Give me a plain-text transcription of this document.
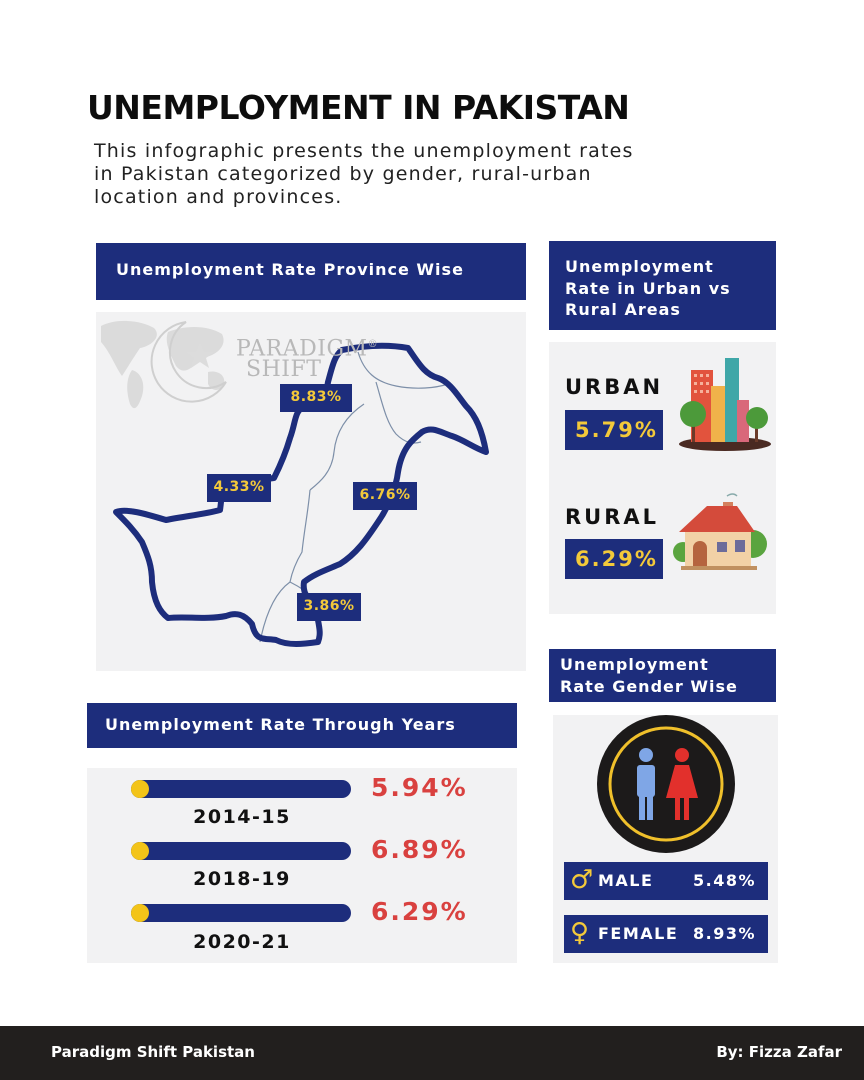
UNEMPLOYMENT IN PAKISTAN
This infographic presents the unemployment rates in Pakistan categorized by gender, rural-urban location and provinces.
Unemployment Rate Province Wise
PARADIGM®
SHIFT
8.83%
4.33%	6.76%
3.86%
Unemployment
Rate in Urban vs
Rural Areas
URBAN
5.79%
RURAL
6.29%
Unemployment
Rate Gender Wise
♂ MALE 5.48%
♀ FEMALE 8.93%
Unemployment Rate Through Years
5.94%
2014-15
6.89%
2018-19
6.29%
2020-21
Paradigm Shift Pakistan	By: Fizza Zafar
